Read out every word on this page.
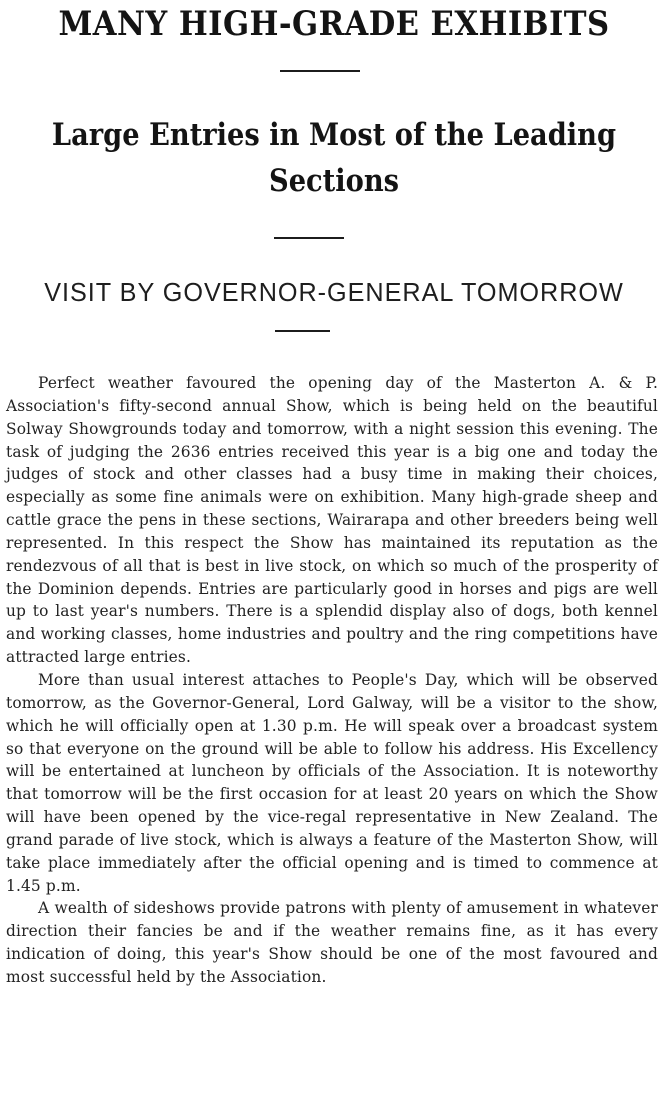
MANY HIGH-GRADE EXHIBITS
Large Entries in Most of the Leading Sections
VISIT BY GOVERNOR-GENERAL TOMORROW

Perfect weather favoured the opening day of the Masterton A. & P. Association's fifty-second annual Show, which is being held on the beautiful Solway Showgrounds today and tomorrow, with a night session this evening. The task of judging the 2636 entries received this year is a big one and today the judges of stock and other classes had a busy time in making their choices, especially as some fine animals were on exhibition. Many high-grade sheep and cattle grace the pens in these sections, Wairarapa and other breeders being well represented. In this respect the Show has maintained its reputation as the rendezvous of all that is best in live stock, on which so much of the prosperity of the Dominion depends. Entries are particularly good in horses and pigs are well up to last year's numbers. There is a splendid display also of dogs, both kennel and working classes, home industries and poultry and the ring competitions have attracted large entries.

More than usual interest attaches to People's Day, which will be observed tomorrow, as the Governor-General, Lord Galway, will be a visitor to the show, which he will officially open at 1.30 p.m. He will speak over a broadcast system so that everyone on the ground will be able to follow his address. His Excellency will be entertained at luncheon by officials of the Association. It is noteworthy that tomorrow will be the first occasion for at least 20 years on which the Show will have been opened by the vice-regal representative in New Zealand. The grand parade of live stock, which is always a feature of the Masterton Show, will take place immediately after the official opening and is timed to commence at 1.45 p.m.

A wealth of sideshows provide patrons with plenty of amusement in whatever direction their fancies be and if the weather remains fine, as it has every indication of doing, this year's Show should be one of the most favoured and most successful held by the Association.
